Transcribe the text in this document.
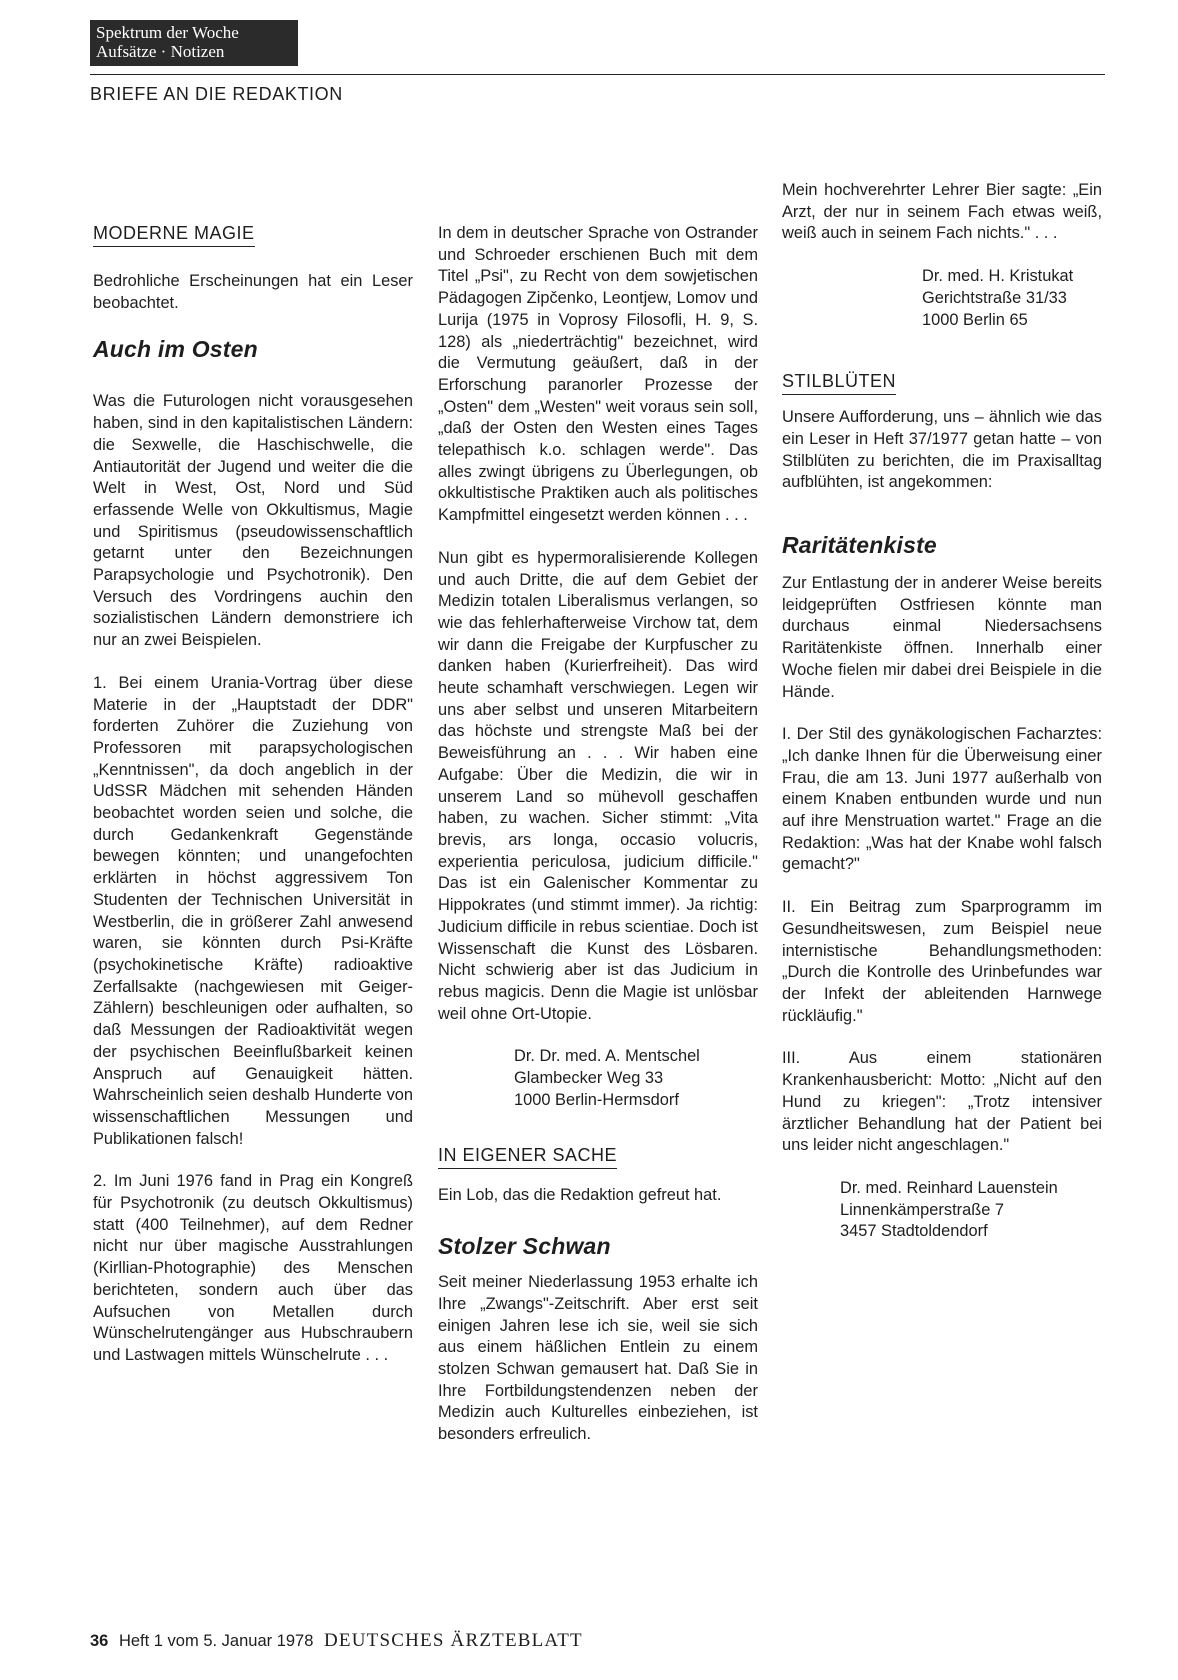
Spektrum der Woche
Aufsätze · Notizen
BRIEFE AN DIE REDAKTION
MODERNE MAGIE

Bedrohliche Erscheinungen hat ein Leser beobachtet.

Auch im Osten

Was die Futurologen nicht vorausgesehen haben, sind in den kapitalistischen Ländern: die Sexwelle, die Haschischwelle, die Antiautorität der Jugend und weiter die die Welt in West, Ost, Nord und Süd erfassende Welle von Okkultismus, Magie und Spiritismus (pseudowissenschaftlich getarnt unter den Bezeichnungen Parapsychologie und Psychotronik). Den Versuch des Vordringens auchin den sozialistischen Ländern demonstriere ich nur an zwei Beispielen.

1. Bei einem Urania-Vortrag über diese Materie in der „Hauptstadt der DDR" forderten Zuhörer die Zuziehung von Professoren mit parapsychologischen „Kenntnissen", da doch angeblich in der UdSSR Mädchen mit sehenden Händen beobachtet worden seien und solche, die durch Gedankenkraft Gegenstände bewegen könnten; und unangefochten erklärten in höchst aggressivem Ton Studenten der Technischen Universität in Westberlin, die in größerer Zahl anwesend waren, sie könnten durch Psi-Kräfte (psychokinetische Kräfte) radioaktive Zerfallsakte (nachgewiesen mit Geiger-Zählern) beschleunigen oder aufhalten, so daß Messungen der Radioaktivität wegen der psychischen Beeinflußbarkeit keinen Anspruch auf Genauigkeit hätten. Wahrscheinlich seien deshalb Hunderte von wissenschaftlichen Messungen und Publikationen falsch!

2. Im Juni 1976 fand in Prag ein Kongreß für Psychotronik (zu deutsch Okkultismus) statt (400 Teilnehmer), auf dem Redner nicht nur über magische Ausstrahlungen (Kirllian-Photographie) des Menschen berichteten, sondern auch über das Aufsuchen von Metallen durch Wünschelrutengänger aus Hubschraubern und Lastwagen mittels Wünschelrute . . .

In dem in deutscher Sprache von Ostrander und Schroeder erschienen Buch mit dem Titel „Psi", zu Recht von dem sowjetischen Pädagogen Zipčenko, Leontjew, Lomov und Lurija (1975 in Voprosy Filosofli, H. 9, S. 128) als „niederträchtig" bezeichnet, wird die Vermutung geäußert, daß in der Erforschung paranorler Prozesse der „Osten" dem „Westen" weit voraus sein soll, „daß der Osten den Westen eines Tages telepathisch k.o. schlagen werde". Das alles zwingt übrigens zu Überlegungen, ob okkultistische Praktiken auch als politisches Kampfmittel eingesetzt werden können . . .

Nun gibt es hypermoralisierende Kollegen und auch Dritte, die auf dem Gebiet der Medizin totalen Liberalismus verlangen, so wie das fehlerhafterweise Virchow tat, dem wir dann die Freigabe der Kurpfuscher zu danken haben (Kurierfreiheit). Das wird heute schamhaft verschwiegen. Legen wir uns aber selbst und unseren Mitarbeitern das höchste und strengste Maß bei der Beweisführung an . . . Wir haben eine Aufgabe: Über die Medizin, die wir in unserem Land so mühevoll geschaffen haben, zu wachen. Sicher stimmt: „Vita brevis, ars longa, occasio volucris, experientia periculosa, judicium difficile." Das ist ein Galenischer Kommentar zu Hippokrates (und stimmt immer). Ja richtig: Judicium difficile in rebus scientiae. Doch ist Wissenschaft die Kunst des Lösbaren. Nicht schwierig aber ist das Judicium in rebus magicis. Denn die Magie ist unlösbar weil ohne Ort-Utopie.

Dr. Dr. med. A. Mentschel
Glambecker Weg 33
1000 Berlin-Hermsdorf
IN EIGENER SACHE

Ein Lob, das die Redaktion gefreut hat.

Stolzer Schwan

Seit meiner Niederlassung 1953 erhalte ich Ihre „Zwangs"-Zeitschrift. Aber erst seit einigen Jahren lese ich sie, weil sie sich aus einem häßlichen Entlein zu einem stolzen Schwan gemausert hat. Daß Sie in Ihre Fortbildungstendenzen neben der Medizin auch Kulturelles einbeziehen, ist besonders erfreulich.

Mein hochverehrter Lehrer Bier sagte: „Ein Arzt, der nur in seinem Fach etwas weiß, weiß auch in seinem Fach nichts." . . .

Dr. med. H. Kristukat
Gerichtstraße 31/33
1000 Berlin 65
STILBLÜTEN

Unsere Aufforderung, uns – ähnlich wie das ein Leser in Heft 37/1977 getan hatte – von Stilblüten zu berichten, die im Praxisalltag aufblühten, ist angekommen:

Raritätenkiste

Zur Entlastung der in anderer Weise bereits leidgeprüften Ostfriesen könnte man durchaus einmal Niedersachsens Raritätenkiste öffnen. Innerhalb einer Woche fielen mir dabei drei Beispiele in die Hände.

I. Der Stil des gynäkologischen Facharztes: „Ich danke Ihnen für die Überweisung einer Frau, die am 13. Juni 1977 außerhalb von einem Knaben entbunden wurde und nun auf ihre Menstruation wartet." Frage an die Redaktion: „Was hat der Knabe wohl falsch gemacht?"

II. Ein Beitrag zum Sparprogramm im Gesundheitswesen, zum Beispiel neue internistische Behandlungsmethoden: „Durch die Kontrolle des Urinbefundes war der Infekt der ableitenden Harnwege rückläufig."

III. Aus einem stationären Krankenhausbericht: Motto: „Nicht auf den Hund zu kriegen": „Trotz intensiver ärztlicher Behandlung hat der Patient bei uns leider nicht angeschlagen."

Dr. med. Reinhard Lauenstein
Linnenkämperstraße 7
3457 Stadtoldendorf
36 Heft 1 vom 5. Januar 1978 DEUTSCHES ÄRZTEBLATT
